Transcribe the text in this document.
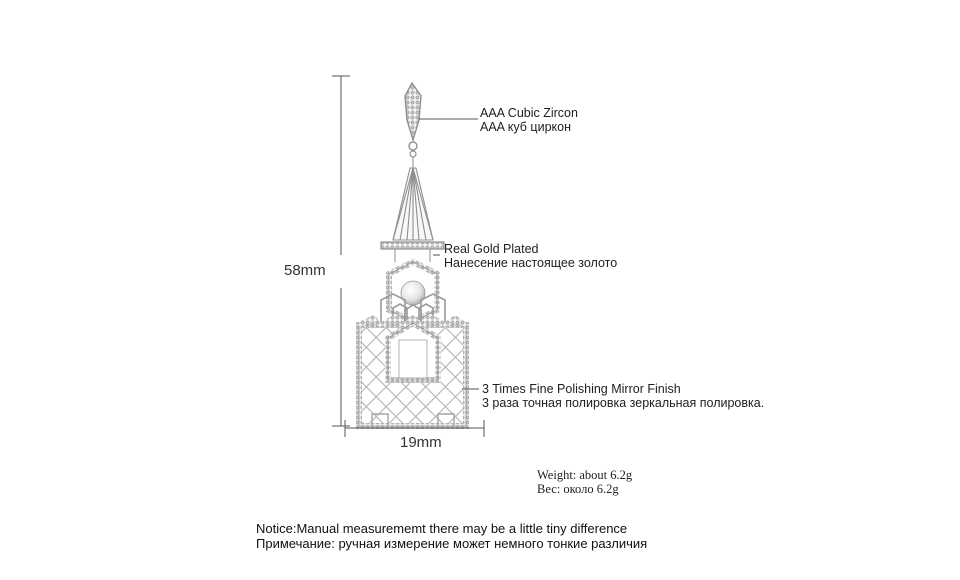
58mm
19mm
AAA Cubic Zircon
AAA куб циркон
Real Gold Plated
Нанесение настоящее золото
3 Times Fine Polishing Mirror Finish
3 раза точная полировка зеркальная полировка.
Weight: about 6.2g
Вес: около 6.2g
Notice:Manual measurememt there may be a little tiny difference
Примечание: ручная измерение может немного тонкие различия
